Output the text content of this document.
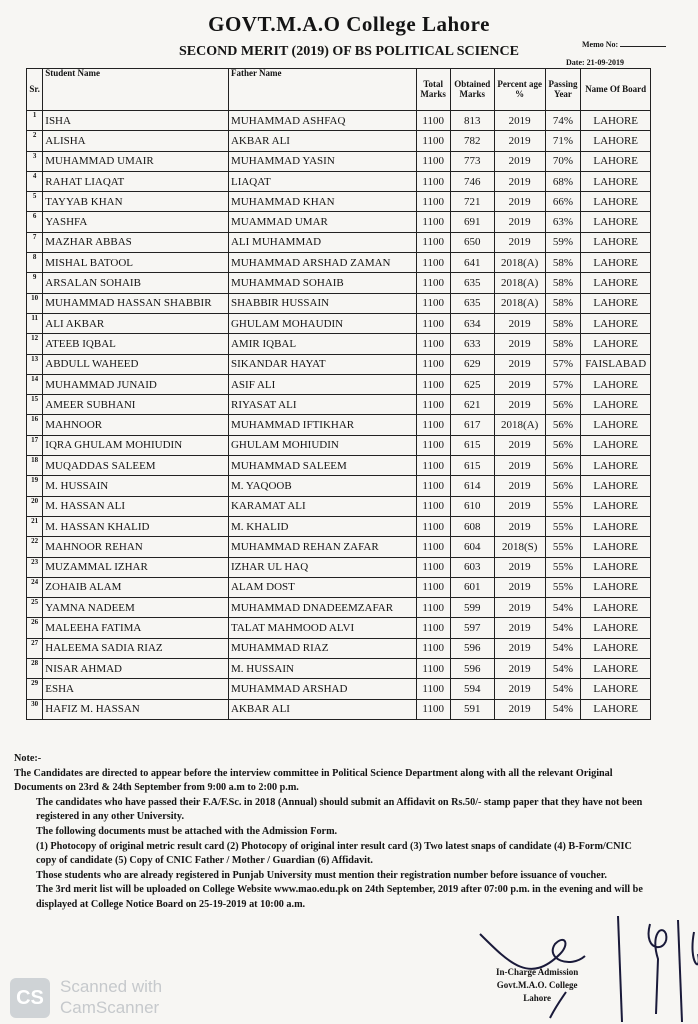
GOVT.M.A.O College Lahore
SECOND MERIT (2019) OF BS POLITICAL SCIENCE	Memo No:
Date: 21-09-2019
Sr.	Student Name	Father Name	Total Marks	Obtained Marks	Percent age %	Passing Year	Name Of Board
1	ISHA	MUHAMMAD ASHFAQ	1100	813	2019	74%	LAHORE
2	ALISHA	AKBAR ALI	1100	782	2019	71%	LAHORE
3	MUHAMMAD UMAIR	MUHAMMAD YASIN	1100	773	2019	70%	LAHORE
4	RAHAT LIAQAT	LIAQAT	1100	746	2019	68%	LAHORE
5	TAYYAB KHAN	MUHAMMAD KHAN	1100	721	2019	66%	LAHORE
6	YASHFA	MUAMMAD UMAR	1100	691	2019	63%	LAHORE
7	MAZHAR ABBAS	ALI MUHAMMAD	1100	650	2019	59%	LAHORE
8	MISHAL BATOOL	MUHAMMAD ARSHAD ZAMAN	1100	641	2018(A)	58%	LAHORE
9	ARSALAN SOHAIB	MUHAMMAD SOHAIB	1100	635	2018(A)	58%	LAHORE
10	MUHAMMAD HASSAN SHABBIR	SHABBIR HUSSAIN	1100	635	2018(A)	58%	LAHORE
11	ALI AKBAR	GHULAM MOHAUDIN	1100	634	2019	58%	LAHORE
12	ATEEB IQBAL	AMIR IQBAL	1100	633	2019	58%	LAHORE
13	ABDULL WAHEED	SIKANDAR HAYAT	1100	629	2019	57%	FAISLABAD
14	MUHAMMAD JUNAID	ASIF ALI	1100	625	2019	57%	LAHORE
15	AMEER SUBHANI	RIYASAT ALI	1100	621	2019	56%	LAHORE
16	MAHNOOR	MUHAMMAD IFTIKHAR	1100	617	2018(A)	56%	LAHORE
17	IQRA GHULAM MOHIUDIN	GHULAM MOHIUDIN	1100	615	2019	56%	LAHORE
18	MUQADDAS SALEEM	MUHAMMAD SALEEM	1100	615	2019	56%	LAHORE
19	M. HUSSAIN	M. YAQOOB	1100	614	2019	56%	LAHORE
20	M. HASSAN ALI	KARAMAT ALI	1100	610	2019	55%	LAHORE
21	M. HASSAN KHALID	M. KHALID	1100	608	2019	55%	LAHORE
22	MAHNOOR REHAN	MUHAMMAD REHAN ZAFAR	1100	604	2018(S)	55%	LAHORE
23	MUZAMMAL IZHAR	IZHAR UL HAQ	1100	603	2019	55%	LAHORE
24	ZOHAIB ALAM	ALAM DOST	1100	601	2019	55%	LAHORE
25	YAMNA NADEEM	MUHAMMAD DNADEEMZAFAR	1100	599	2019	54%	LAHORE
26	MALEEHA FATIMA	TALAT MAHMOOD ALVI	1100	597	2019	54%	LAHORE
27	HALEEMA SADIA RIAZ	MUHAMMAD RIAZ	1100	596	2019	54%	LAHORE
28	NISAR AHMAD	M. HUSSAIN	1100	596	2019	54%	LAHORE
29	ESHA	MUHAMMAD ARSHAD	1100	594	2019	54%	LAHORE
30	HAFIZ M. HASSAN	AKBAR ALI	1100	591	2019	54%	LAHORE

Note:-

The Candidates are directed to appear before the interview committee in Political Science Department along with all the relevant Original Documents on 23rd & 24th September from 9:00 a.m to 2:00 p.m.

The candidates who have passed their F.A/F.Sc. in 2018 (Annual) should submit an Affidavit on Rs.50/- stamp paper that they have not been registered in any other University.

The following documents must be attached with the Admission Form.

(1) Photocopy of original metric result card (2) Photocopy of original inter result card (3) Two latest snaps of candidate (4) B-Form/CNIC copy of candidate (5) Copy of CNIC Father / Mother / Guardian (6) Affidavit.

Those students who are already registered in Punjab University must mention their registration number before issuance of voucher.

The 3rd merit list will be uploaded on College Website www.mao.edu.pk on 24th September, 2019 after 07:00 p.m. in the evening and will be displayed at College Notice Board on 25-19-2019 at 10:00 a.m.

In-Charge Admission
Govt.M.A.O. College
Lahore
CS
Scanned with
CamScanner
